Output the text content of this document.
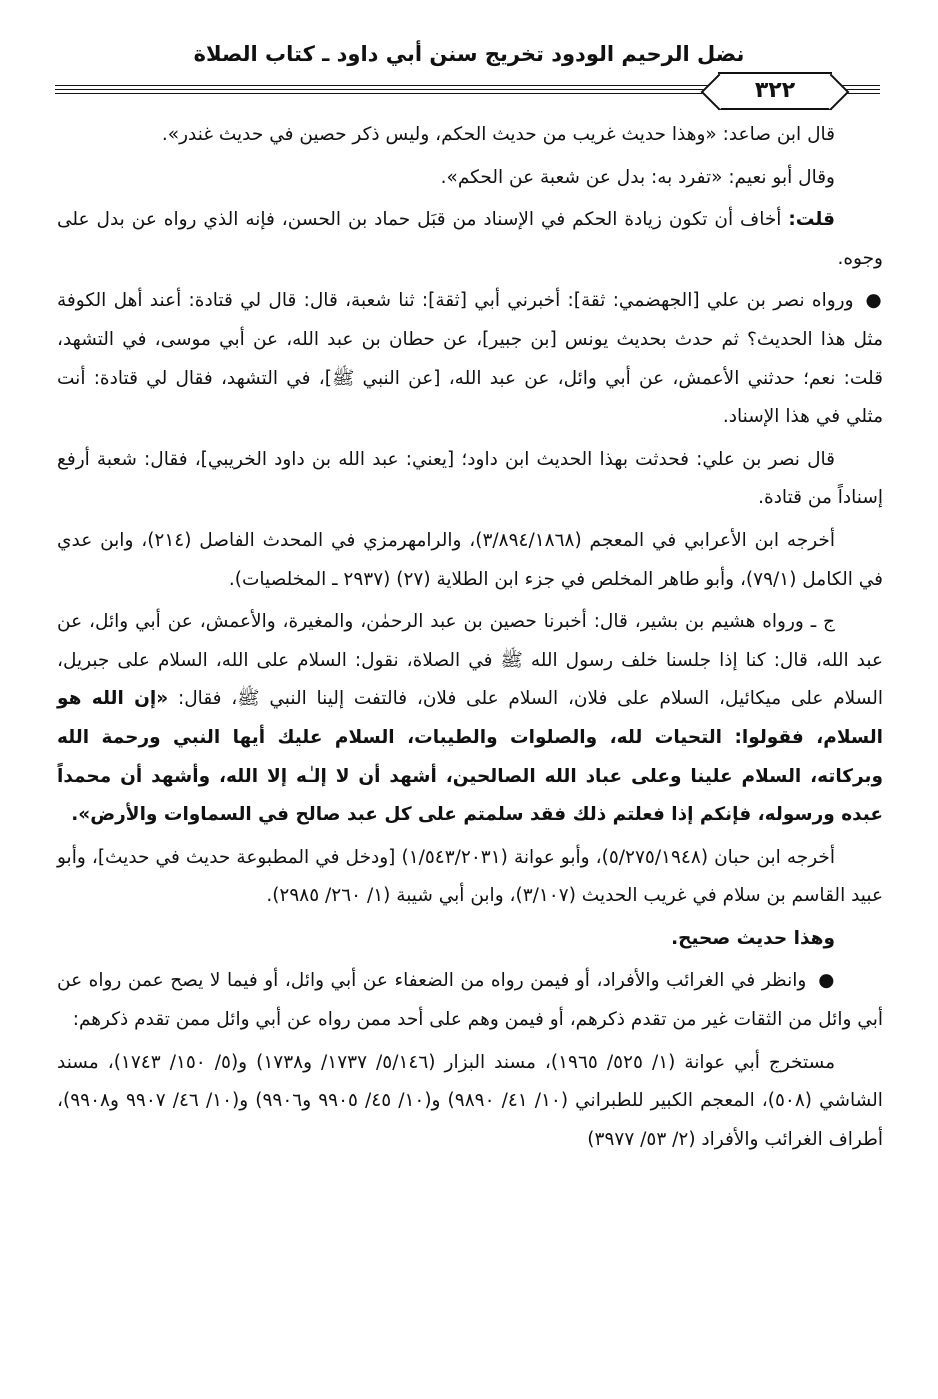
نضل الرحيم الودود تخريج سنن أبي داود ـ كتاب الصلاة
٣٢٢

قال ابن صاعد: «وهذا حديث غريب من حديث الحكم، وليس ذكر حصين في حديث غندر».

وقال أبو نعيم: «تفرد به: بدل عن شعبة عن الحكم».

قلت: أخاف أن تكون زيادة الحكم في الإسناد من قبَل حماد بن الحسن، فإنه الذي رواه عن بدل على وجوه.

● ورواه نصر بن علي [الجهضمي: ثقة]: أخبرني أبي [ثقة]: ثنا شعبة، قال: قال لي قتادة: أعند أهل الكوفة مثل هذا الحديث؟ ثم حدث بحديث يونس [بن جبير]، عن حطان بن عبد الله، عن أبي موسى، في التشهد، قلت: نعم؛ حدثني الأعمش، عن أبي وائل، عن عبد الله، [عن النبي ﷺ]، في التشهد، فقال لي قتادة: أنت مثلي في هذا الإسناد.

قال نصر بن علي: فحدثت بهذا الحديث ابن داود؛ [يعني: عبد الله بن داود الخريبي]، فقال: شعبة أرفع إسناداً من قتادة.

أخرجه ابن الأعرابي في المعجم (٣/٨٩٤/١٨٦٨)، والرامهرمزي في المحدث الفاصل (٢١٤)، وابن عدي في الكامل (٧٩/١)، وأبو طاهر المخلص في جزء ابن الطلاية (٢٧) (٢٩٣٧ ـ المخلصيات).

ج ـ ورواه هشيم بن بشير، قال: أخبرنا حصين بن عبد الرحمٰن، والمغيرة، والأعمش، عن أبي وائل، عن عبد الله، قال: كنا إذا جلسنا خلف رسول الله ﷺ في الصلاة، نقول: السلام على الله، السلام على جبريل، السلام على ميكائيل، السلام على فلان، السلام على فلان، فالتفت إلينا النبي ﷺ، فقال: «إن الله هو السلام، فقولوا: التحيات لله، والصلوات والطيبات، السلام عليك أيها النبي ورحمة الله وبركاته، السلام علينا وعلى عباد الله الصالحين، أشهد أن لا إلـٰه إلا الله، وأشهد أن محمداً عبده ورسوله، فإنكم إذا فعلتم ذلك فقد سلمتم على كل عبد صالح في السماوات والأرض».

أخرجه ابن حبان (٥/٢٧٥/١٩٤٨)، وأبو عوانة (١/٥٤٣/٢٠٣١) [ودخل في المطبوعة حديث في حديث]، وأبو عبيد القاسم بن سلام في غريب الحديث (٣/١٠٧)، وابن أبي شيبة (١/ ٢٦٠/ ٢٩٨٥).

وهذا حديث صحيح.

● وانظر في الغرائب والأفراد، أو فيمن رواه من الضعفاء عن أبي وائل، أو فيما لا يصح عمن رواه عن أبي وائل من الثقات غير من تقدم ذكرهم، أو فيمن وهم على أحد ممن رواه عن أبي وائل ممن تقدم ذكرهم:

مستخرج أبي عوانة (١/ ٥٢٥/ ١٩٦٥)، مسند البزار (٥/١٤٦/ ١٧٣٧/ و١٧٣٨) و(٥/ ١٥٠/ ١٧٤٣)، مسند الشاشي (٥٠٨)، المعجم الكبير للطبراني (١٠/ ٤١/ ٩٨٩٠) و(١٠/ ٤٥/ ٩٩٠٥ و٩٩٠٦) و(١٠/ ٤٦/ ٩٩٠٧ و٩٩٠٨)، أطراف الغرائب والأفراد (٢/ ٥٣/ ٣٩٧٧)
